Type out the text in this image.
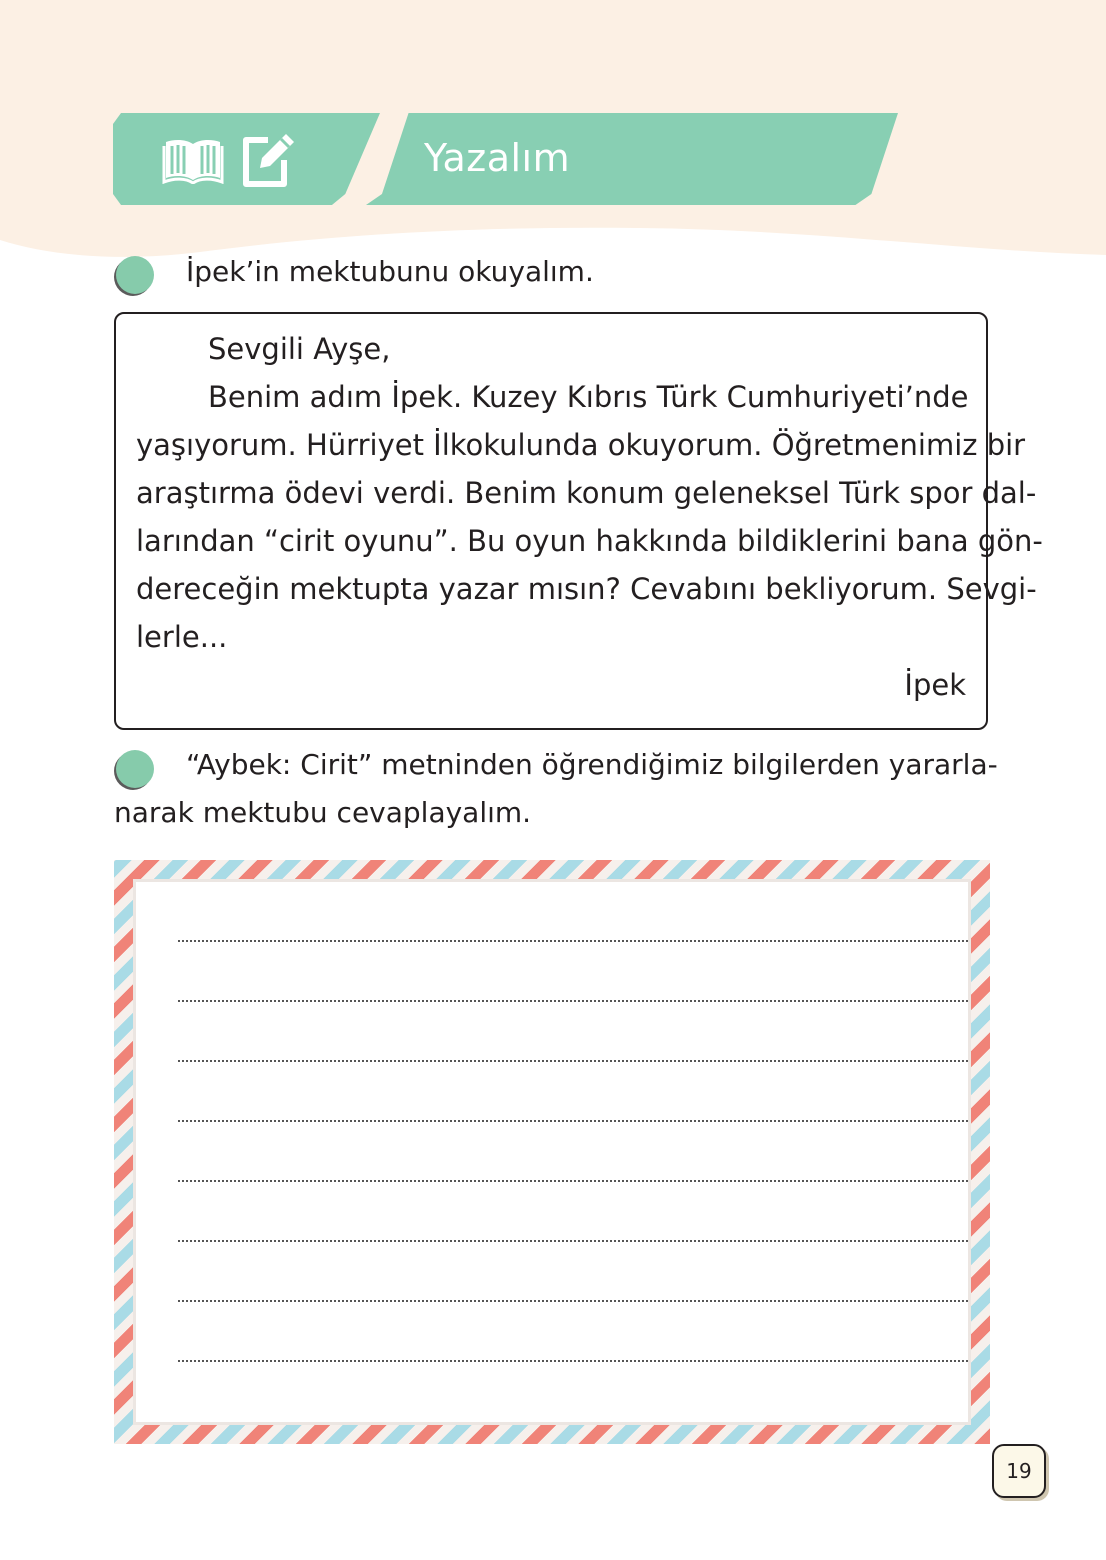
Yazalım
İpek’in mektubunu okuyalım.
Sevgili Ayşe,
Benim adım İpek. Kuzey Kıbrıs Türk Cumhuriyeti’nde
yaşıyorum. Hürriyet İlkokulunda okuyorum. Öğretmenimiz bir
araştırma ödevi verdi. Benim konum geleneksel Türk spor dal-
larından “cirit oyunu”. Bu oyun hakkında bildiklerini bana gön-
dereceğin mektupta yazar mısın? Cevabını bekliyorum. Sevgi-
lerle...
İpek
“Aybek: Cirit” metninden öğrendiğimiz bilgilerden yararla-
narak mektubu cevaplayalım.
19
